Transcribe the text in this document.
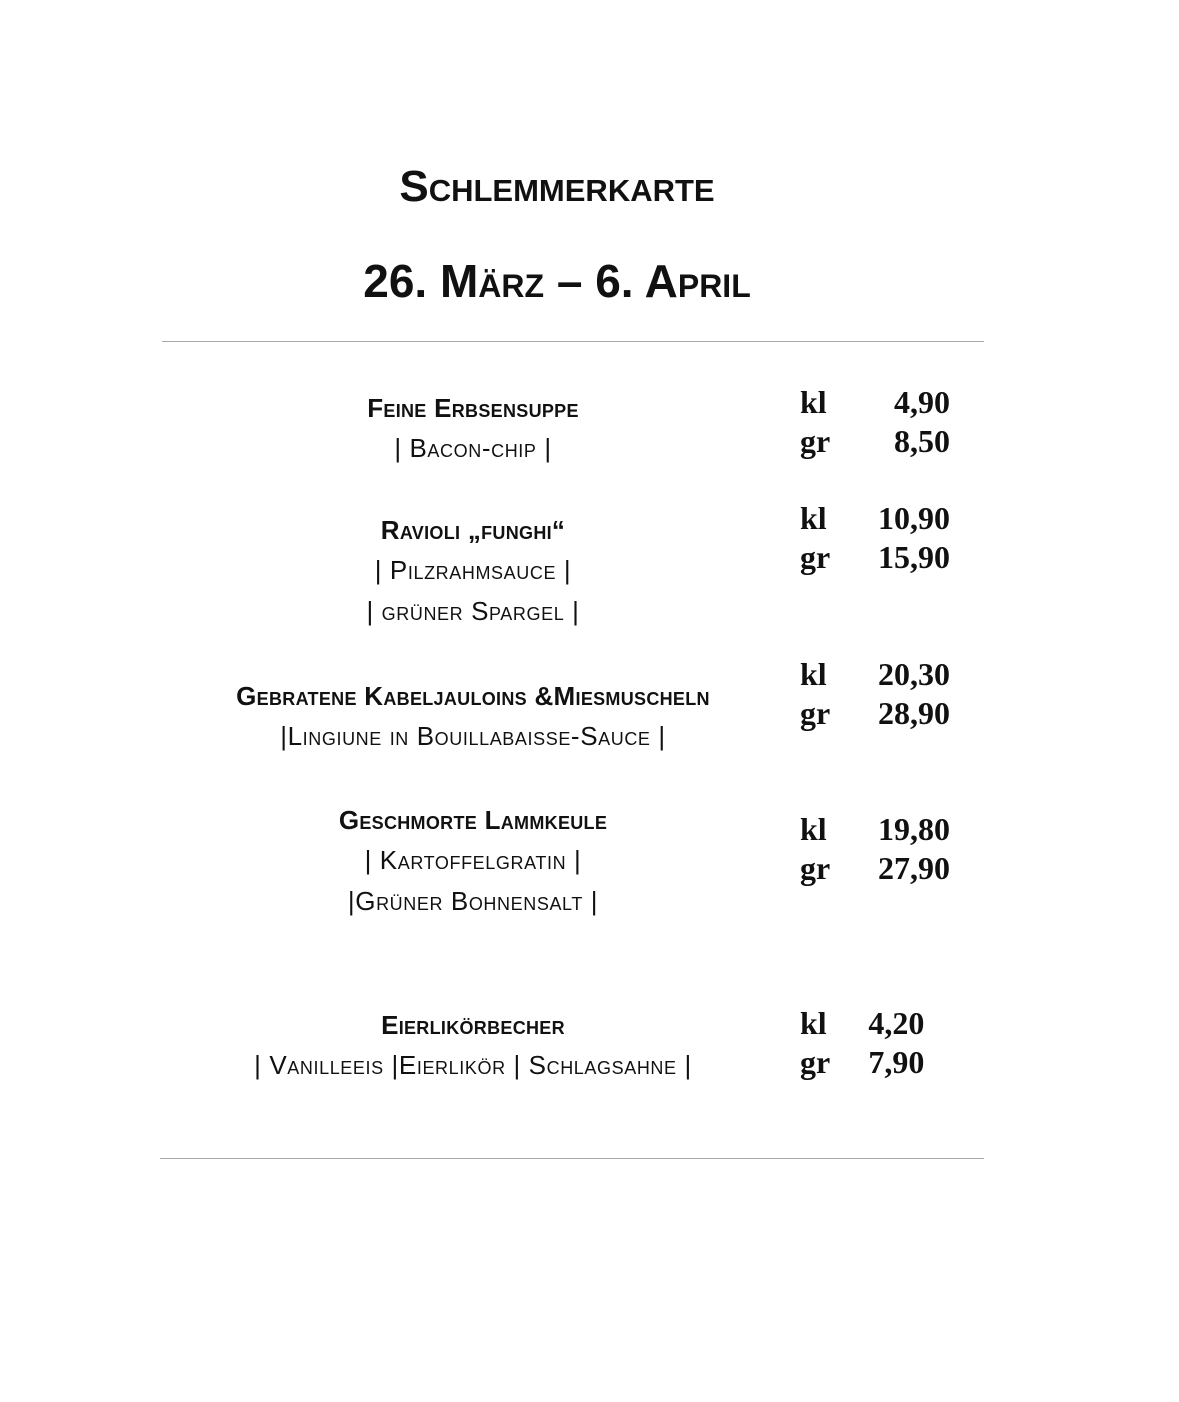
Schlemmerkarte
26. März – 6. April
Feine Erbsensuppe
| Bacon-chip |
kl	4,90
gr	8,50
Ravioli „funghi“
| Pilzrahmsauce |
| grüner Spargel |
kl	10,90
gr	15,90
Gebratene Kabeljauloins &Miesmuscheln
|Lingiune in Bouillabaisse-Sauce |
kl	20,30
gr	28,90
Geschmorte Lammkeule
| Kartoffelgratin |
|Grüner Bohnensalt |
kl	19,80
gr	27,90
Eierlikörbecher
| Vanilleeis |Eierlikör | Schlagsahne |
kl	4,20
gr	7,90
